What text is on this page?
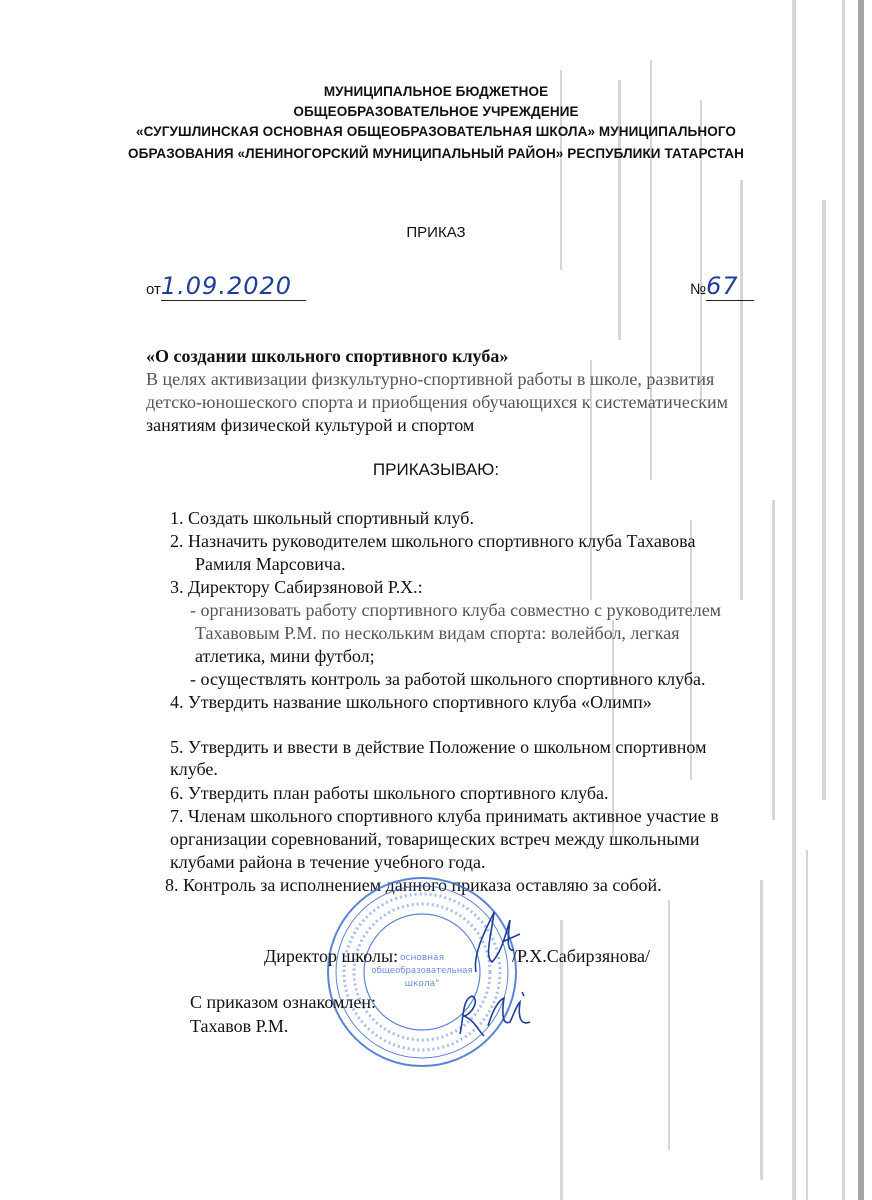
МУНИЦИПАЛЬНОЕ БЮДЖЕТНОЕ
ОБЩЕОБРАЗОВАТЕЛЬНОЕ УЧРЕЖДЕНИЕ
«СУГУШЛИНСКАЯ ОСНОВНАЯ ОБЩЕОБРАЗОВАТЕЛЬНАЯ ШКОЛА» МУНИЦИПАЛЬНОГО
ОБРАЗОВАНИЯ «ЛЕНИНОГОРСКИЙ МУНИЦИПАЛЬНЫЙ РАЙОН» РЕСПУБЛИКИ ТАТАРСТАН
ПРИКАЗ
от1.09.2020	№67
«О создании школьного спортивного клуба»
В целях активизации физкультурно-спортивной работы в школе, развития
детско-юношеского спорта и приобщения обучающихся к систематическим
занятиям физической культурой и спортом
ПРИКАЗЫВАЮ:
1. Создать школьный спортивный клуб.
2. Назначить руководителем школьного спортивного клуба Тахавова
Рамиля Марсовича.
3. Директору Сабирзяновой Р.Х.:
- организовать работу спортивного клуба совместно с руководителем
Тахавовым Р.М. по нескольким видам спорта: волейбол, легкая
атлетика, мини футбол;
- осуществлять контроль за работой школьного спортивного клуба.
4. Утвердить название школьного спортивного клуба «Олимп»
5. Утвердить и ввести в действие Положение о школьном спортивном
клубе.
6. Утвердить план работы школьного спортивного клуба.
7. Членам школьного спортивного клуба принимать активное участие в
организации соревнований, товарищеских встреч между школьными
клубами района в течение учебного года.
8. Контроль за исполнением данного приказа оставляю за собой.
основная
общеобразовательная
школа"
Директор школы:	/Р.Х.Сабирзянова/
С приказом ознакомлен:
Тахавов Р.М.
